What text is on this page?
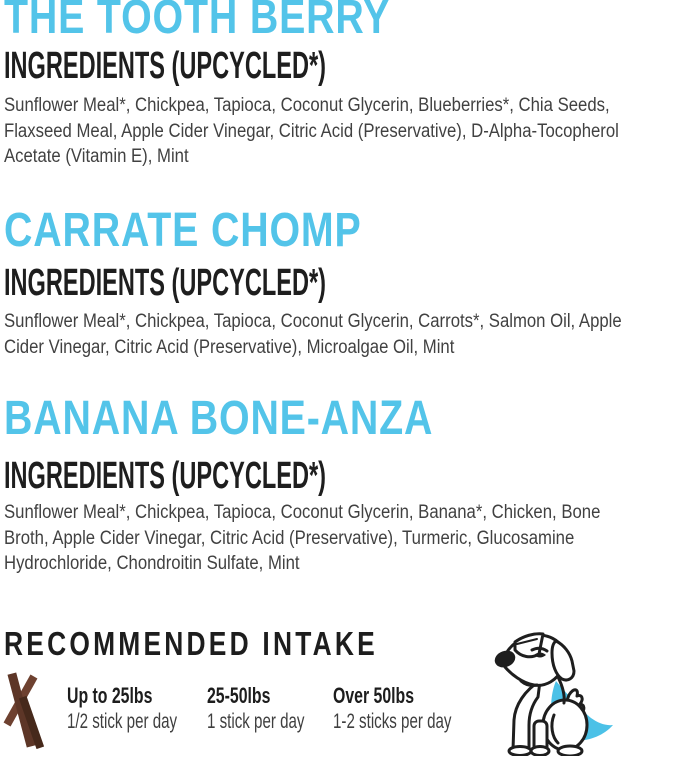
THE TOOTH BERRY
INGREDIENTS (UPCYCLED*)
Sunflower Meal*, Chickpea, Tapioca, Coconut Glycerin, Blueberries*, Chia Seeds,
Flaxseed Meal, Apple Cider Vinegar, Citric Acid (Preservative), D-Alpha-Tocopherol
Acetate (Vitamin E), Mint
CARRATE CHOMP
INGREDIENTS (UPCYCLED*)
Sunflower Meal*, Chickpea, Tapioca, Coconut Glycerin, Carrots*, Salmon Oil, Apple
Cider Vinegar, Citric Acid (Preservative), Microalgae Oil, Mint
BANANA BONE-ANZA
INGREDIENTS (UPCYCLED*)
Sunflower Meal*, Chickpea, Tapioca, Coconut Glycerin, Banana*, Chicken, Bone
Broth, Apple Cider Vinegar, Citric Acid (Preservative), Turmeric, Glucosamine
Hydrochloride, Chondroitin Sulfate, Mint
RECOMMENDED INTAKE
Up to 25lbs
1/2 stick per day
25-50lbs
1 stick per day
Over 50lbs
1-2 sticks per day
